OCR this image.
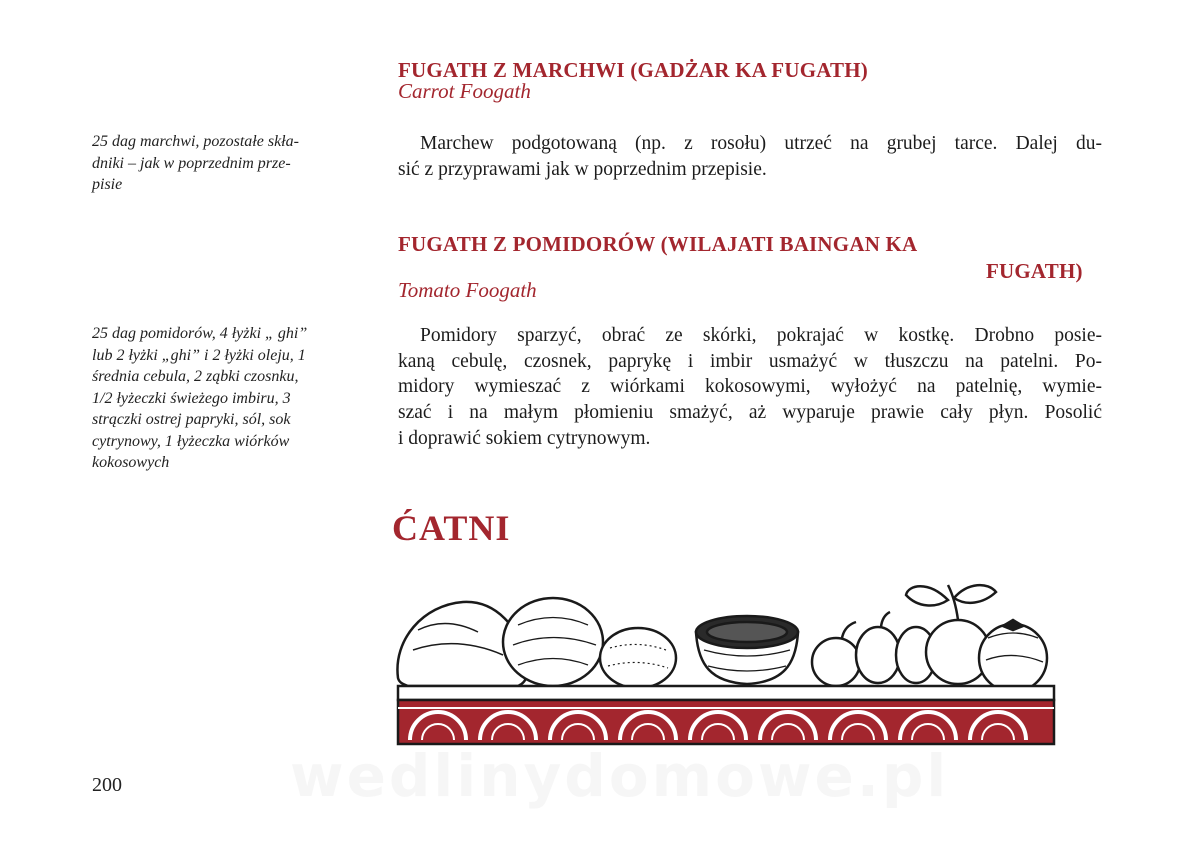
FUGATH Z MARCHWI (GADŻAR KA FUGATH)
Carrot Foogath
25 dag marchwi, pozostałe skła-
dniki – jak w poprzednim prze-
pisie
Marchew podgotowaną (np. z rosołu) utrzeć na grubej tarce. Dalej du-
sić z przyprawami jak w poprzednim przepisie.
FUGATH Z POMIDORÓW (WILAJATI BAINGAN KA
FUGATH)
Tomato Foogath
25 dag pomidorów, 4 łyżki „ ghi”
lub 2 łyżki „ghi” i 2 łyżki oleju, 1
średnia cebula, 2 ząbki czosnku,
1/2 łyżeczki świeżego imbiru, 3
strączki ostrej papryki, sól, sok
cytrynowy, 1 łyżeczka wiórków
kokosowych
Pomidory sparzyć, obrać ze skórki, pokrajać w kostkę. Drobno posie-
kaną cebulę, czosnek, paprykę i imbir usmażyć w tłuszczu na patelni. Po-
midory wymieszać z wiórkami kokosowymi, wyłożyć na patelnię, wymie-
szać i na małym płomieniu smażyć, aż wyparuje prawie cały płyn. Posolić
i doprawić sokiem cytrynowym.
ĆATNI
200	wedlinydomowe.pl
